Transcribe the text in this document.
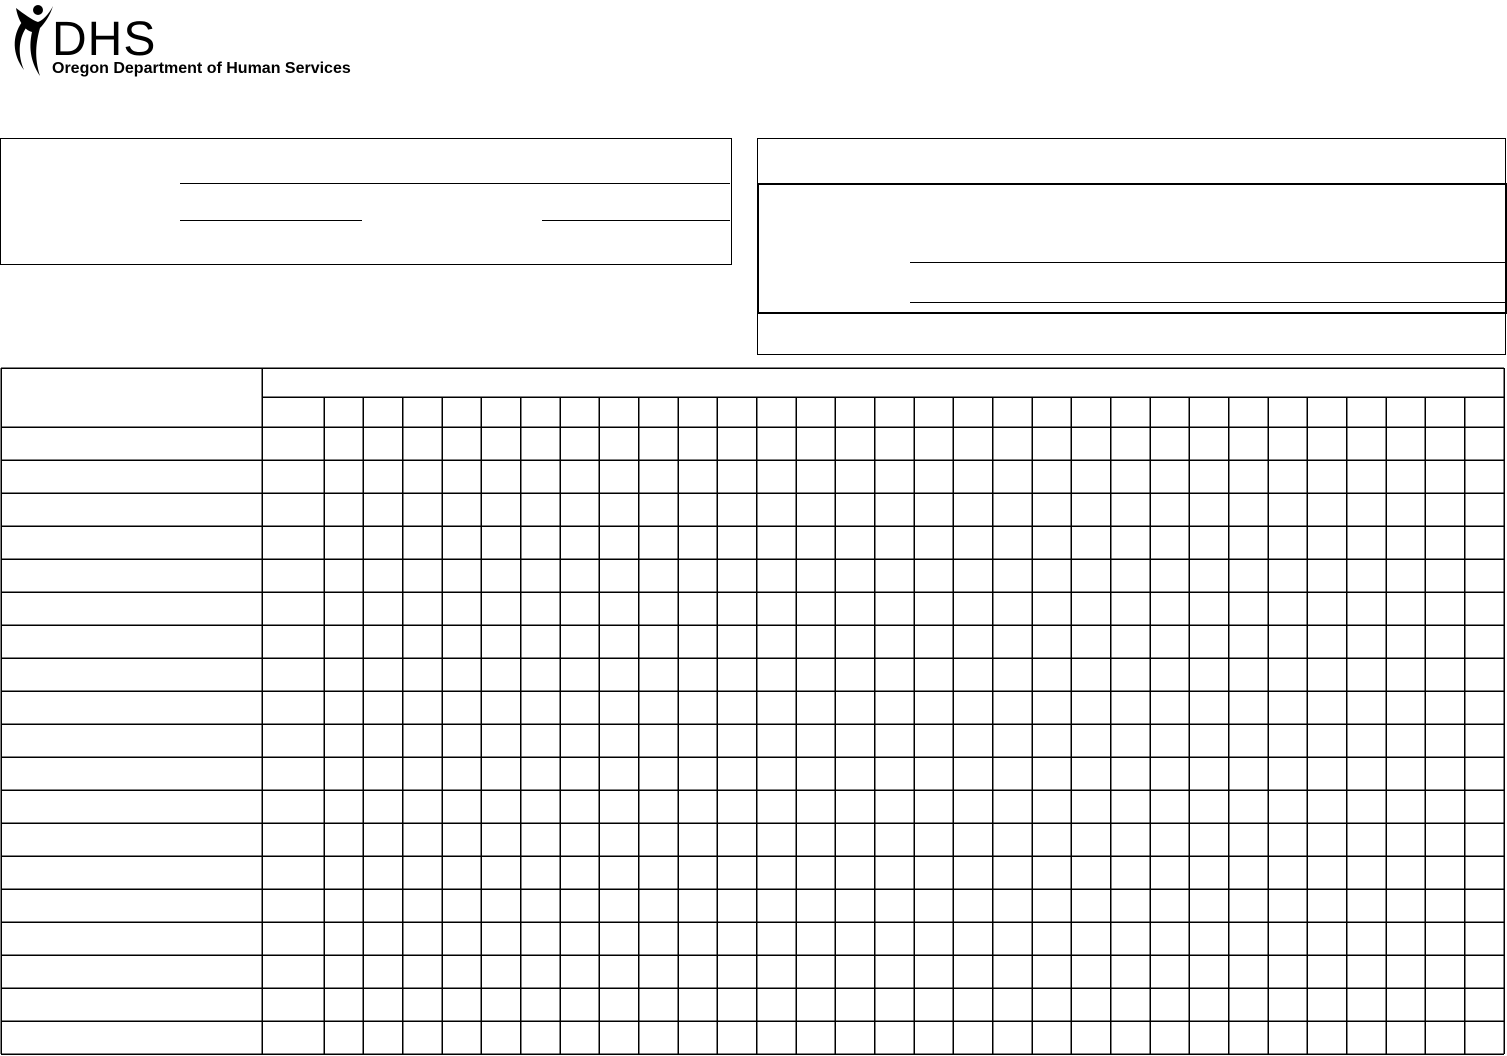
DHS
Oregon Department of Human Services
